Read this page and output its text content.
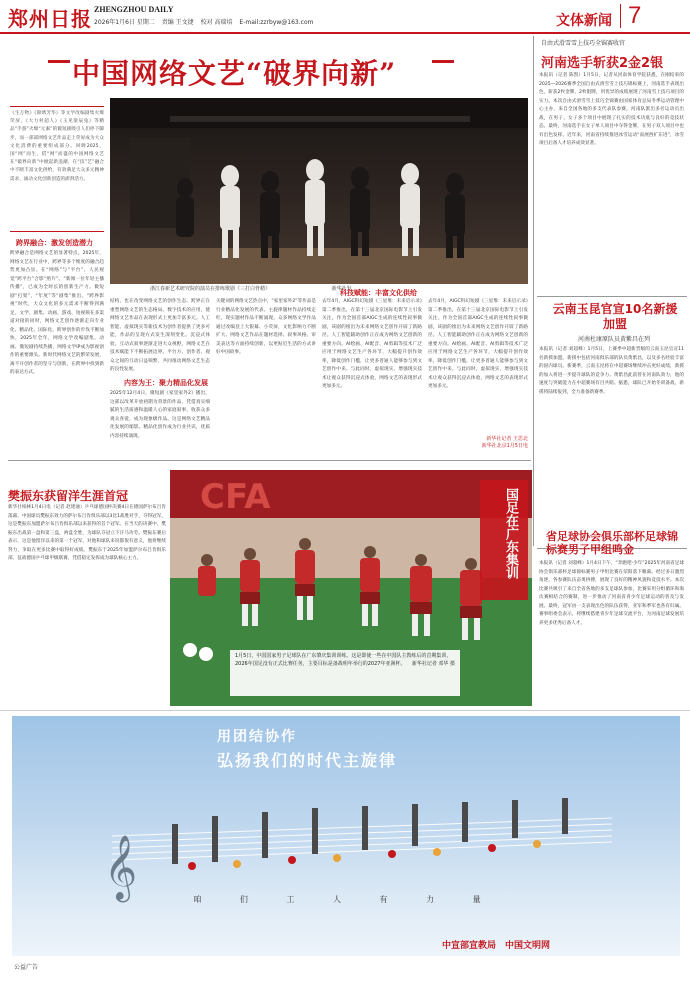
郑州日报 ZHENGZHOU DAILY
2026年1月6日 星期二 责编 王文捷 校对 高瑞培 E-mail:zzrbyw@163.com	文体新闻 7
中国网络文艺“破界向新”
《生万物》《锦绣芳华》等文学改编剧集火爆荧屏，《大力村超人》《玉见梁辰兔》等精品“手游”火爆“元素”的微短剧吸引人们停下脚步，而一部部网络文艺作品走上荧屏成为大众文化消费的重要组成部分。回眸2025，国“网”而生，借“网”而盛的中国网络文艺在“破界向新”中掀起新浪潮，在“技”艺”融合中不断丰富文化供给，有效满足大众多元精神需求，涌动文化创新创造的澎湃活力。
浙江春新艺术研究院的演员在排练歌剧《三打白骨精》	新华社发
跨界融合：激发创造潜力
跨界融合是网络文艺的显著特点。2025年，网络文艺在行业中，跨界等多个维度的融合趋势更加凸显。在“网络”与“平台”，人民视觉“跨平台”合影“照片”。“新闻一位年轻主播传播”，已成为全时长的创新生产力。微短剧“打架”、“年度”等“剧集”推出。“跨界影视”时代，大众文化的多元需求不断得到满足。文学、剧集、动画、游戏、短视频在多渠道对接的同时，网络文艺创作逐渐走向专业化、精品化、国际化。跨界创作的步伐不断加快，2025年全年，网络文学改编剧集、动画、微短剧持续热播，网络文学IP成为影视创作的重要源头。新时代网络文艺的繁荣发展，离不开创作者的坚守与创新，在跨界中找到新的表达方式。
结构，也在改变网络文艺的创作生态。跨界正在重塑网络文艺的生态格局。数字技术的应用，使网络文艺作品在表现形式上更加丰富多元。人工智能、虚拟现实等新技术为创作者提供了更多可能，作品的呈现方式发生深刻变化。沉浸式体验、互动式叙事逐渐走进大众视野，网络文艺在技术赋能下不断拓展边界。平台方、创作者、观众之间的互动日益频繁，共同推动网络文艺生态的良性发展。
内容为王：聚力精品化发展
2025年12月4日，微短剧《家里家外2》播出，这部以改革开放初期为背景的作品，凭借真实细腻的生活质感和温暖人心的家庭叙事，收获众多观众喜爱，成为现象级作品。这是网络文艺精品化发展的缩影。精品化创作成为行业共识，优质内容持续涌现。
关键词的网络文艺热点中，“家里家外2”等作品是行业精品化发展的代表。主旋律题材作品持续走红，现实题材作品不断涌现。众多网络文学作品通过改编登上大银幕、小荧屏，文化影响力不断扩大。网络文艺作品在题材选择、叙事风格、审美表达等方面持续创新，以更贴近生活的方式讲好中国故事。
去年4月，AIGC科幻短剧《三星堆：未来启示录》第二季推出，在第十三届北京国际电影节上引发关注。作为全国首部AIGC生成的连续性叙事微剧，该剧的推出为未来网络文艺创作开辟了新路径。人工智能辅助创作正在成为网络文艺创新的重要方向。AI绘画、AI配音、AI剪辑等技术广泛应用于网络文艺生产各环节，大幅提升创作效率，降低创作门槛，让更多普通人能够参与到文艺创作中来。与此同时，虚拟现实、增强现实技术让观众获得沉浸式体验，网络文艺的表现形式更加多元。
去年4月，AIGC科幻短剧《三星堆：未来启示录》第二季推出，在第十三届北京国际电影节上引发关注。作为全国首部AIGC生成的连续性叙事微剧，该剧的推出为未来网络文艺创作开辟了新路径。人工智能辅助创作正在成为网络文艺创新的重要方向。AI绘画、AI配音、AI剪辑等技术广泛应用于网络文艺生产各环节，大幅提升创作效率，降低创作门槛，让更多普通人能够参与到文艺创作中来。与此同时，虚拟现实、增强现实技术让观众获得沉浸式体验，网络文艺的表现形式更加多元。
新华社记者 王思北
新华社北京1月5日电
自由式滑雪雪上技巧全锦赛收官
河南选手斩获2金2银
本报讯（记者 陈凯）1月5日，记者从河南体育学院获悉，在刚结束的2025—2026赛季全国自由式滑雪雪上技巧锦标赛上，河南选手表现出色，斩获2枚金牌、2枚银牌，用优异的成绩展现了河南雪上技巧项目的实力。本次自由式滑雪雪上技巧全锦赛由国家体育总局冬季运动管理中心主办，来自全国各地的多支代表队参赛。河南队派出多名运动员出战，在男子、女子多个项目中展现了扎实的技术功底与良好的竞技状态。最终，河南选手在女子单人项目中夺得金牌，在男子双人项目中也有出色发挥。近年来，河南省持续推进冰雪运动“南展西扩东进”，冰雪项目后备人才培养成效显著。
云南玉昆官宣10名新援加盟
河南杜康原队员黄紫昌在列
本报讯（记者 刘超峰）1月5日，上赛季中超新晋级的云南玉昆官宣11名新援加盟。新援中包括河南俱乐部的队员黄紫昌，以及多名经验丰富的国内球员。新赛季，云南玉昆将在中超赛场继续冲击更好成绩，新援的加入将进一步提升球队的竞争力。黄紫昌此前曾在河南队效力，他的速度与突破能力在中超赛场有目共睹。据悉，球队已开始冬训备战，新援将陆续报到，全力准备新赛季。
省足球协会俱乐部杯足球锦标赛男子甲组鸣金
本报讯（记者 刘超峰）1月4日下午，“奔跑吧·少年”2025年河南省足球协会俱乐部杯足球锦标赛男子甲组比赛在荥阳落下帷幕。经过多日激烈角逐，各参赛队伍奋勇拼搏，展现了良好的精神风貌和竞技水平。本次比赛共吸引了来自全省各地的多支足球队参加，比赛采用分组循环和淘汰赛相结合的赛制，进一步推动了河南省青少年足球运动的普及与发展。最终，冠军由一支表现出色的队伍获得，亚军和季军也各有归属。赛事组委会表示，将继续搭建青少年足球交流平台，为河南足球发展培养更多优秀后备人才。
樊振东获留洋生涯首冠
新华社柏林1月4日电（记者 赵建通）乒乓球德国杯决赛4日在德国萨尔布吕肯落幕，中国球员樊振东效力的萨尔布吕肯俱乐部以3比1战胜对手，夺得冠军，这是樊振东加盟萨尔布吕肯俱乐部以来获得的首个冠军。在当天的决赛中，樊振东出战第一盘和第三盘，两盘全胜，为球队夺冠立下汗马功劳。樊振东赛后表示，这是他留洋以来的第一个冠军，对他和球队来说都很有意义，他将继续努力，争取在更多比赛中取得好成绩。樊振东于2025年加盟萨尔布吕肯俱乐部，征战德国乒乓球甲级联赛，凭借稳定发挥成为球队核心主力。
CFA	国足在广东集训
1月5日，中国国家男子足球队在广东肇庆集训训练。这是即使一些在中国队主教练后的首期集训，2026年国足没有正式比赛任务，主要目标是备战明年举行的2027年亚洲杯。 新华社记者 邓华 摄
用团结协作
弘扬我们的时代主旋律
𝄞	咱 们 工 人 有 力 量
中宣部宣教局　中国文明网
公益广告
科技赋能：丰富文化供给
